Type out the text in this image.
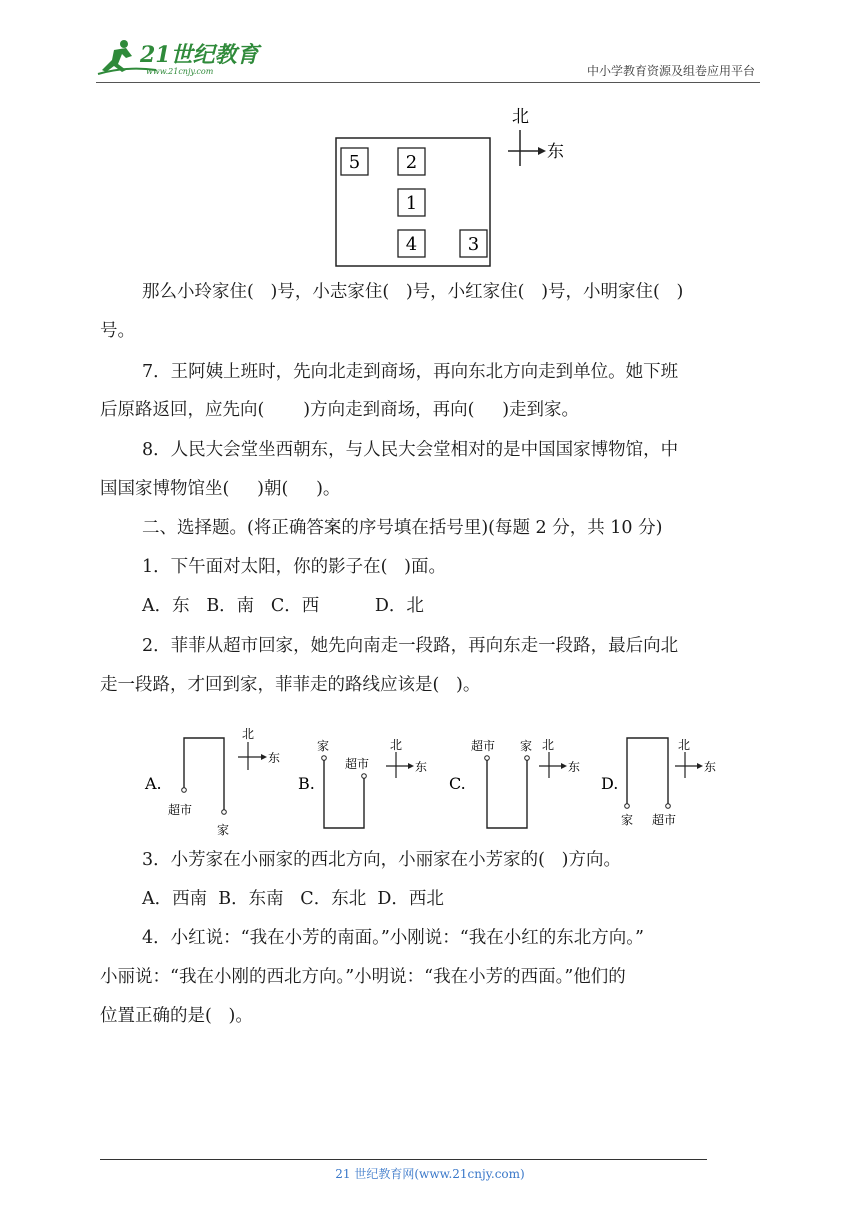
21世纪教育
www.21cnjy.com	中小学教育资源及组卷应用平台
5	2
1
4	3
北
东
那么小玲家住(   )号，小志家住(   )号，小红家住(   )号，小明家住(   )
号。
7．王阿姨上班时，先向北走到商场，再向东北方向走到单位。她下班
后原路返回，应先向(       )方向走到商场，再向(     )走到家。
8．人民大会堂坐西朝东，与人民大会堂相对的是中国国家博物馆，中
国国家博物馆坐(     )朝(     )。
二、选择题。(将正确答案的序号填在括号里)(每题 2 分，共 10 分)
1．下午面对太阳，你的影子在(   )面。
A．东   B．南   C．西          D．北
2．菲菲从超市回家，她先向南走一段路，再向东走一段路，最后向北
走一段路，才回到家，菲菲走的路线应该是(   )。
A.
超市
家
北
东
B.
家
超市
北
东
C.
超市 家 北
东
D.
家 超市
北
东
3．小芳家在小丽家的西北方向，小丽家在小芳家的(   )方向。
A．西南  B．东南   C．东北  D．西北
4．小红说：“我在小芳的南面。”小刚说：“我在小红的东北方向。”
小丽说：“我在小刚的西北方向。”小明说：“我在小芳的西面。”他们的
位置正确的是(   )。
21 世纪教育网(www.21cnjy.com)
